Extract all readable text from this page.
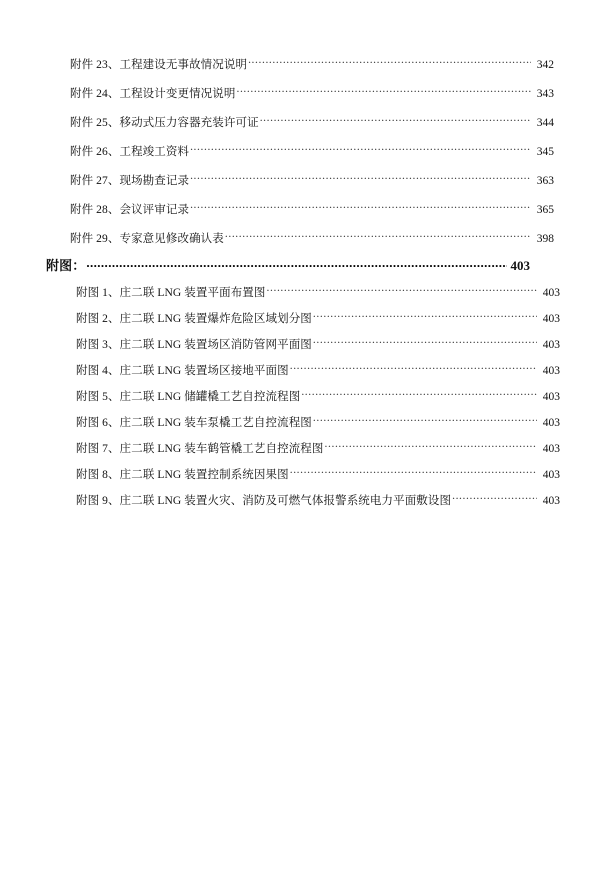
附件 23、工程建设无事故情况说明 .....	342
附件 24、工程设计变更情况说明 .....	343
附件 25、移动式压力容器充装许可证 .....	344
附件 26、工程竣工资料 .....	345
附件 27、现场勘查记录 .....	363
附件 28、会议评审记录 .....	365
附件 29、专家意见修改确认表 .....	398
附图： .....	403
附图 1、庄二联 LNG 装置平面布置图 .....	403
附图 2、庄二联 LNG 装置爆炸危险区域划分图 .....	403
附图 3、庄二联 LNG 装置场区消防管网平面图 .....	403
附图 4、庄二联 LNG 装置场区接地平面图 .....	403
附图 5、庄二联 LNG 储罐橇工艺自控流程图 .....	403
附图 6、庄二联 LNG 装车泵橇工艺自控流程图 .....	403
附图 7、庄二联 LNG 装车鹤管橇工艺自控流程图 .....	403
附图 8、庄二联 LNG 装置控制系统因果图 .....	403
附图 9、庄二联 LNG 装置火灾、消防及可燃气体报警系统电力平面敷设图 .....	403
